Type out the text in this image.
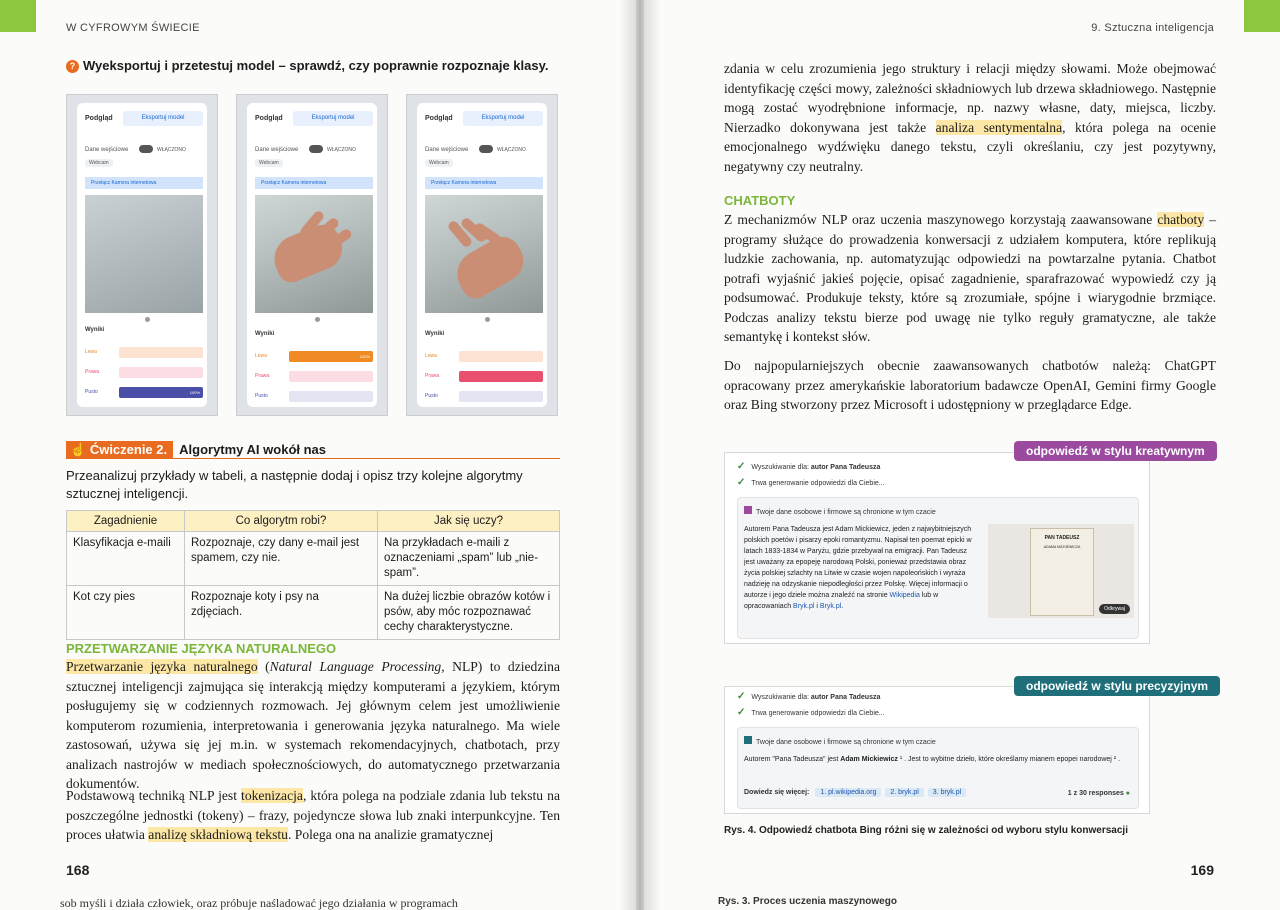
W CYFROWYM ŚWIECIE
? Wyeksportuj i przetestuj model – sprawdź, czy poprawnie rozpoznaje klasy.
Podgląd	Eksportuj model
Dane wejściowe	WŁĄCZONO
Webcam
Przełącz Kamera internetowa
Wyniki
Lewa
Prawa
Pusto	100%
Podgląd	Eksportuj model
Dane wejściowe	WŁĄCZONO
Webcam
Przełącz Kamera internetowa
Wyniki
Lewa	100%
Prawa
Pusto
Podgląd	Eksportuj model
Dane wejściowe	WŁĄCZONO
Webcam
Przełącz Kamera internetowa
Wyniki
Lewa
Prawa
Pusto
☝ Ćwiczenie 2. Algorytmy AI wokół nas
Przeanalizuj przykłady w tabeli, a następnie dodaj i opisz trzy kolejne algorytmy sztucznej inteligencji.
Zagadnienie	Co algorytm robi?	Jak się uczy?
Klasyfikacja e-maili	Rozpoznaje, czy dany e-mail jest spamem, czy nie.	Na przykładach e-maili z oznaczeniami „spam” lub „nie-spam”.
Kot czy pies	Rozpoznaje koty i psy na zdjęciach.	Na dużej liczbie obrazów kotów i psów, aby móc rozpoznawać cechy charakterystyczne.
PRZETWARZANIE JĘZYKA NATURALNEGO
Przetwarzanie języka naturalnego (Natural Language Processing, NLP) to dziedzina sztucznej inteligencji zajmująca się interakcją między komputerami a językiem, którym posługujemy się w codziennych rozmowach. Jej głównym celem jest umożliwienie komputerom rozumienia, interpretowania i generowania języka naturalnego. Ma wiele zastosowań, używa się jej m.in. w systemach rekomendacyjnych, chatbotach, przy analizach nastrojów w mediach społecznościowych, do automatycznego przetwarzania dokumentów.
Podstawową techniką NLP jest tokenizacja, która polega na podziale zdania lub tekstu na poszczególne jednostki (tokeny) – frazy, pojedyncze słowa lub znaki interpunkcyjne. Ten proces ułatwia analizę składniową tekstu. Polega ona na analizie gramatycznej
168
sob myśli i działa człowiek, oraz próbuje naśladować jego działania w programach
9. Sztuczna inteligencja
zdania w celu zrozumienia jego struktury i relacji między słowami. Może obejmować identyfikację części mowy, zależności składniowych lub drzewa składniowego. Następnie mogą zostać wyodrębnione informacje, np. nazwy własne, daty, miejsca, liczby. Nierzadko dokonywana jest także analiza sentymentalna, która polega na ocenie emocjonalnego wydźwięku danego tekstu, czyli określaniu, czy jest pozytywny, negatywny czy neutralny.
CHATBOTY
Z mechanizmów NLP oraz uczenia maszynowego korzystają zaawansowane chatboty – programy służące do prowadzenia konwersacji z udziałem komputera, które replikują ludzkie zachowania, np. automatyzując odpowiedzi na powtarzalne pytania. Chatbot potrafi wyjaśnić jakieś pojęcie, opisać zagadnienie, sparafrazować wypowiedź czy ją podsumować. Produkuje teksty, które są zrozumiałe, spójne i wiarygodnie brzmiące. Podczas analizy tekstu bierze pod uwagę nie tylko reguły gramatyczne, ale także semantykę i kontekst słów.
Do najpopularniejszych obecnie zaawansowanych chatbotów należą: ChatGPT opracowany przez amerykańskie laboratorium badawcze OpenAI, Gemini firmy Google oraz Bing stworzony przez Microsoft i udostępniony w przeglądarce Edge.
✓ Wyszukiwanie dla: autor Pana Tadeusza
✓ Trwa generowanie odpowiedzi dla Ciebie...
Twoje dane osobowe i firmowe są chronione w tym czacie
Autorem Pana Tadeusza jest Adam Mickiewicz, jeden z najwybitniejszych polskich poetów i pisarzy epoki romantyzmu. Napisał ten poemat epicki w latach 1833-1834 w Paryżu, gdzie przebywał na emigracji. Pan Tadeusz jest uważany za epopeję narodową Polski, ponieważ przedstawia obraz życia polskiej szlachty na Litwie w czasie wojen napoleońskich i wyraża nadzieję na odzyskanie niepodległości przez Polskę. Więcej informacji o autorze i jego dziele można znaleźć na stronie Wikipedia lub w opracowaniach Bryk.pl i Bryk.pl.
PAN TADEUSZ
ADAMA MICKIEWICZA
Odkrywaj
odpowiedź w stylu kreatywnym
✓ Wyszukiwanie dla: autor Pana Tadeusza
✓ Trwa generowanie odpowiedzi dla Ciebie...
Twoje dane osobowe i firmowe są chronione w tym czacie
Autorem "Pana Tadeusza" jest Adam Mickiewicz ¹ . Jest to wybitne dzieło, które określamy mianem epopei narodowej ² .
Dowiedz się więcej: 1. pl.wikipedia.org 2. bryk.pl 3. bryk.pl	1 z 30 responses ●
odpowiedź w stylu precyzyjnym
Rys. 4. Odpowiedź chatbota Bing różni się w zależności od wyboru stylu konwersacji
169
Rys. 3. Proces uczenia maszynowego
